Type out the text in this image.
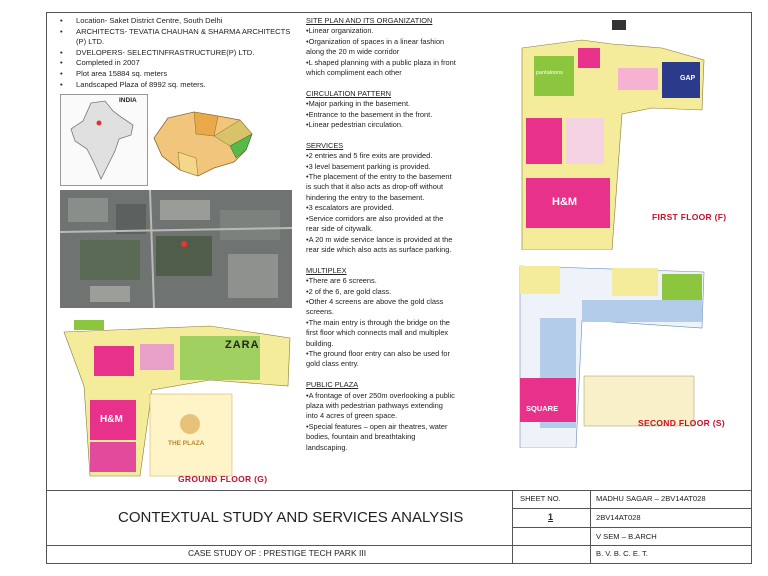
• Location- Saket District Centre, South Delhi
• ARCHITECTS- TEVATIA CHAUHAN & SHARMA ARCHITECTS (P) LTD.
• DVELOPERS- SELECTINFRASTRUCTURE(P) LTD.
• Completed in 2007
• Plot area 15884 sq. meters
• Landscaped Plaza of 8992 sq. meters.
INDIA
ZARA
H&M
THE PLAZA
GROUND FLOOR (G)
SITE PLAN AND ITS ORGANIZATION
•Linear organization.
•Organization of spaces in a linear fashion
along the 20 m wide corridor
•L shaped planning with a public plaza in front
which compliment each other
CIRCULATION PATTERN
•Major parking in the basement.
•Entrance to the basement in the front.
•Linear pedestrian circulation.
SERVICES
•2 entries and 5 fire exits are provided.
•3 level basement parking is provided.
•The placement of the entry to the basement
is such that it also acts as drop-off without
hindering the entry to the basement.
•3 escalators are provided.
•Service corridors are also provided at the
rear side of citywalk.
•A 20 m wide service lance is provided at the
rear side which also acts as surface parking.
MULTIPLEX
•There are 6 screens.
•2 of the 6, are gold class.
•Other 4 screens are above the gold class
screens.
•The main entry is through the bridge on the
first floor which connects mall and multiplex
building.
•The ground floor entry can also be used for
gold class entry.
PUBLIC PLAZA
•A frontage of over 250m overlooking a public
plaza with pedestrian pathways extending
into 4 acres of green space.
•Special features – open air theatres, water
bodies, fountain and breathtaking
landscaping.
GAP
pantaloons
H&M
FIRST FLOOR (F)
SQUARE
SECOND FLOOR (S)
CONTEXTUAL STUDY AND SERVICES ANALYSIS
CASE STUDY OF : PRESTIGE TECH PARK III
SHEET NO.
1
MADHU SAGAR – 2BV14AT028
2BV14AT028
V SEM – B.ARCH
B. V. B. C. E. T.
